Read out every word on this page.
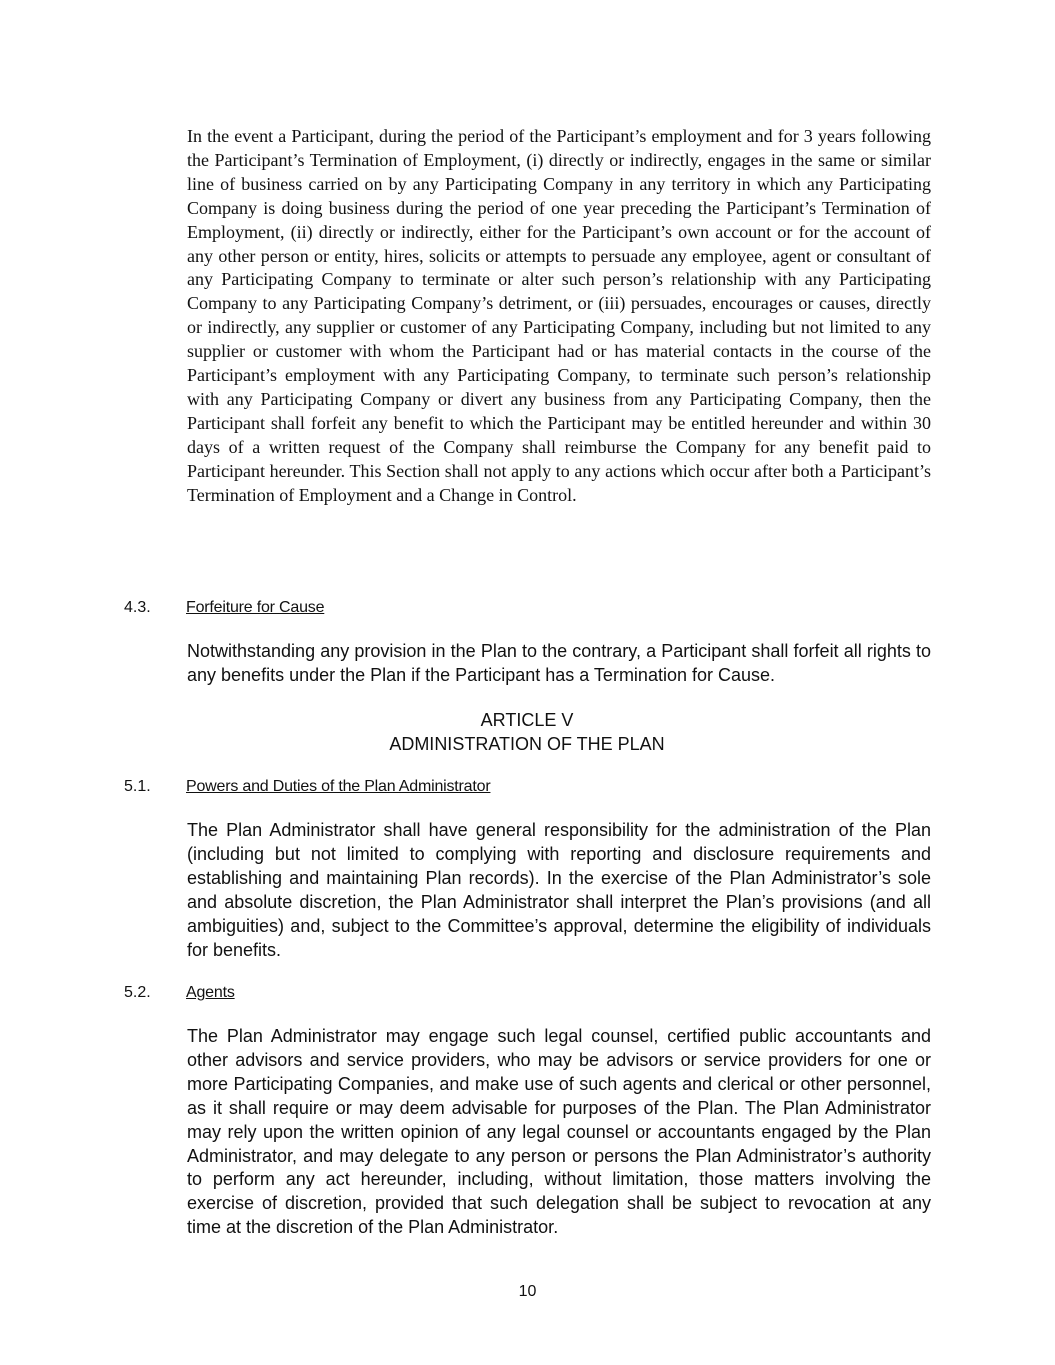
In the event a Participant, during the period of the Participant’s employment and for 3 years following the Participant’s Termination of Employment, (i) directly or indirectly, engages in the same or similar line of business carried on by any Participating Company in any territory in which any Participating Company is doing business during the period of one year preceding the Participant’s Termination of Employment, (ii) directly or indirectly, either for the Participant’s own account or for the account of any other person or entity, hires, solicits or attempts to persuade any employee, agent or consultant of any Participating Company to terminate or alter such person’s relationship with any Participating Company to any Participating Company’s detriment, or (iii) persuades, encourages or causes, directly or indirectly, any supplier or customer of any Participating Company, including but not limited to any supplier or customer with whom the Participant had or has material contacts in the course of the Participant’s employment with any Participating Company, to terminate such person’s relationship with any Participating Company or divert any business from any Participating Company, then the Participant shall forfeit any benefit to which the Participant may be entitled hereunder and within 30 days of a written request of the Company shall reimburse the Company for any benefit paid to Participant hereunder. This Section shall not apply to any actions which occur after both a Participant’s Termination of Employment and a Change in Control.

4.3. Forfeiture for Cause

Notwithstanding any provision in the Plan to the contrary, a Participant shall forfeit all rights to any benefits under the Plan if the Participant has a Termination for Cause.

ARTICLE V

ADMINISTRATION OF THE PLAN

5.1. Powers and Duties of the Plan Administrator

The Plan Administrator shall have general responsibility for the administration of the Plan (including but not limited to complying with reporting and disclosure requirements and establishing and maintaining Plan records). In the exercise of the Plan Administrator’s sole and absolute discretion, the Plan Administrator shall interpret the Plan’s provisions (and all ambiguities) and, subject to the Committee’s approval, determine the eligibility of individuals for benefits.

5.2. Agents

The Plan Administrator may engage such legal counsel, certified public accountants and other advisors and service providers, who may be advisors or service providers for one or more Participating Companies, and make use of such agents and clerical or other personnel, as it shall require or may deem advisable for purposes of the Plan. The Plan Administrator may rely upon the written opinion of any legal counsel or accountants engaged by the Plan Administrator, and may delegate to any person or persons the Plan Administrator’s authority to perform any act hereunder, including, without limitation, those matters involving the exercise of discretion, provided that such delegation shall be subject to revocation at any time at the discretion of the Plan Administrator.

10
